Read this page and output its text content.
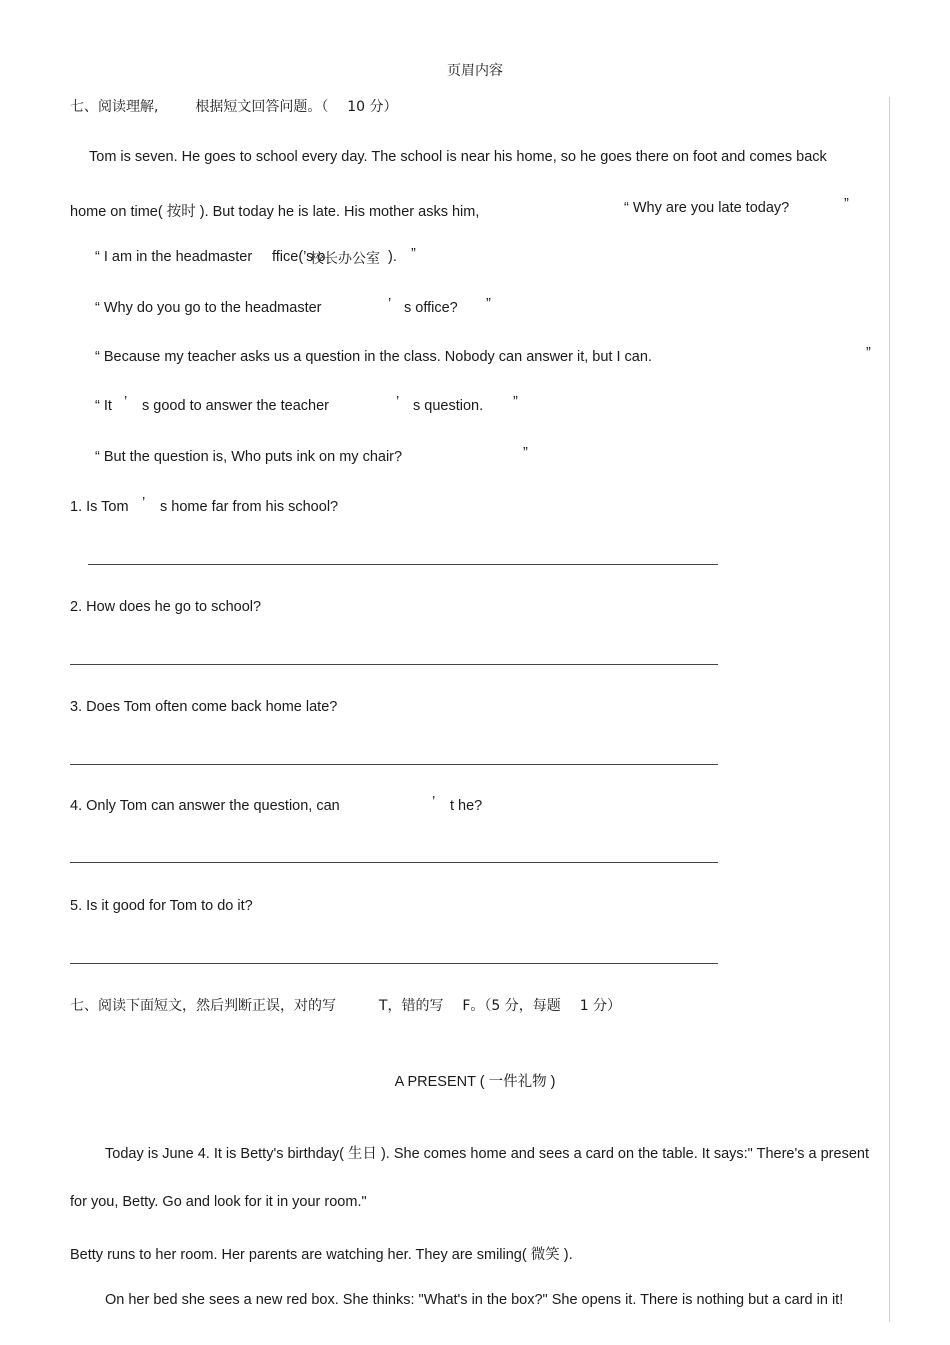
页眉内容
七、阅读理解,	根据短文回答问题。（ 10 分）
Tom is seven. He goes to school every day. The school is near his home, so he goes there on foot and comes back
home on time( 按时 ). But today he is late. His mother asks him,	“ Why are you late today?	”
“ I am in the headmaster ffice(’s o
校长办公室 ). ”
“ Why do you go to the headmaster	’ s office? ”
“ Because my teacher asks us a question in the class. Nobody can answer it, but I can.	”
“ It ’ s good to answer the teacher	’ s question. ”
“ But the question is, Who puts ink on my chair?	”
1. Is Tom ’ s home far from his school?
2. How does he go to school?
3. Does Tom often come back home late?
4. Only Tom can answer the question, can	’ t he?
5. Is it good for Tom to do it?
七、阅读下面短文，然后判断正误，对的写	T，错的写 F。（5 分，每题 1 分）
A PRESENT ( 一件礼物 )
Today is June 4. It is Betty's birthday( 生日 ). She comes home and sees a card on the table. It says:" There's a present
for you, Betty. Go and look for it in your room."
Betty runs to her room. Her parents are watching her. They are smiling( 微笑 ).
On her bed she sees a new red box. She thinks: "What's in the box?" She opens it. There is nothing but a card in it!
